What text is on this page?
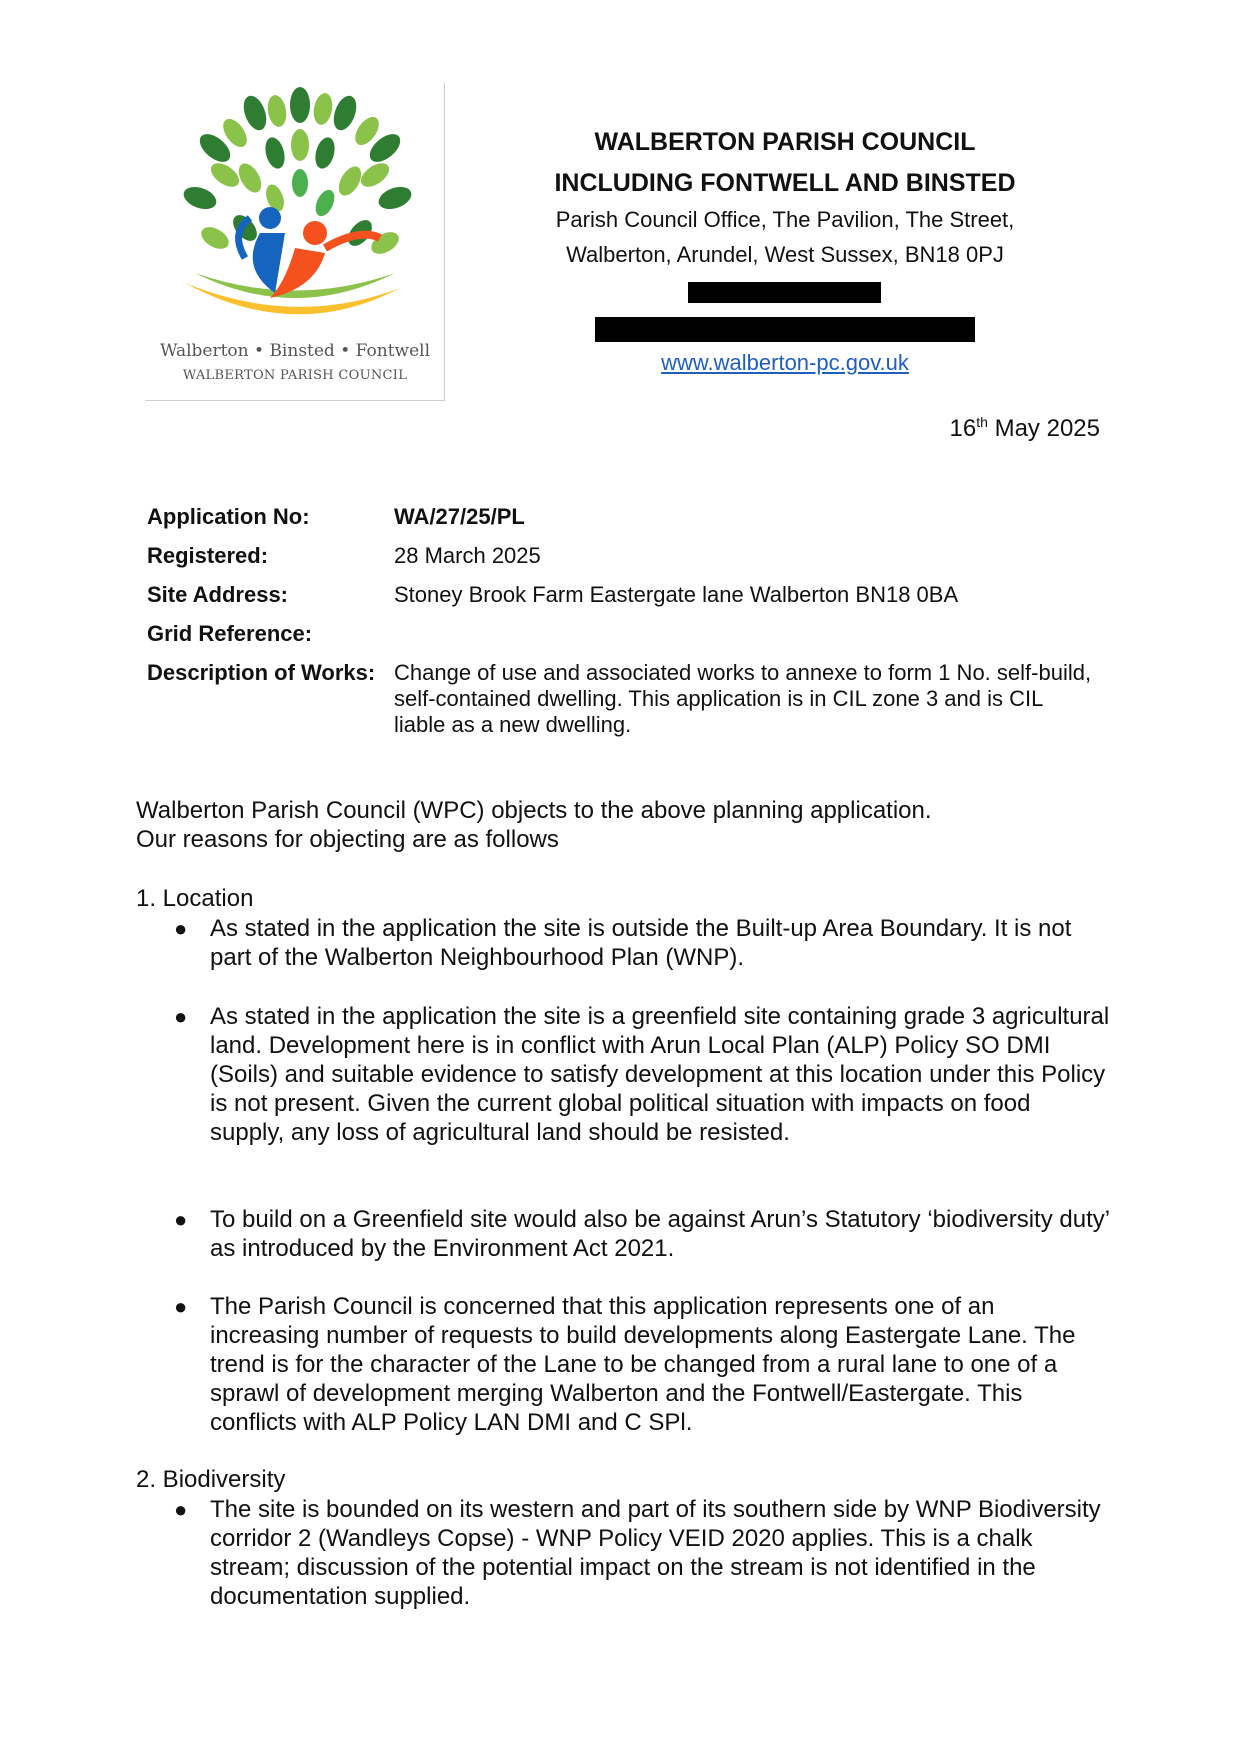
Walberton • Binsted • Fontwell
WALBERTON PARISH COUNCIL
WALBERTON PARISH COUNCIL
INCLUDING FONTWELL AND BINSTED
Parish Council Office, The Pavilion, The Street,
Walberton, Arundel, West Sussex, BN18 0PJ
www.walberton-pc.gov.uk
16th May 2025
Application No:	WA/27/25/PL
Registered:	28 March 2025
Site Address:	Stoney Brook Farm Eastergate lane Walberton BN18 0BA
Grid Reference:
Description of Works: Change of use and associated works to annexe to form 1 No. self-build, self-contained dwelling. This application is in CIL zone 3 and is CIL liable as a new dwelling.
Walberton Parish Council (WPC) objects to the above planning application.
Our reasons for objecting are as follows
1. Location
● As stated in the application the site is outside the Built-up Area Boundary. It is not part of the Walberton Neighbourhood Plan (WNP).
● As stated in the application the site is a greenfield site containing grade 3 agricultural land. Development here is in conflict with Arun Local Plan (ALP) Policy SO DMI (Soils) and suitable evidence to satisfy development at this location under this Policy is not present. Given the current global political situation with impacts on food supply, any loss of agricultural land should be resisted.
● To build on a Greenfield site would also be against Arun’s Statutory ‘biodiversity duty’ as introduced by the Environment Act 2021.
● The Parish Council is concerned that this application represents one of an increasing number of requests to build developments along Eastergate Lane. The trend is for the character of the Lane to be changed from a rural lane to one of a sprawl of development merging Walberton and the Fontwell/Eastergate. This conflicts with ALP Policy LAN DMI and C SPl.
2. Biodiversity
● The site is bounded on its western and part of its southern side by WNP Biodiversity corridor 2 (Wandleys Copse) - WNP Policy VEID 2020 applies. This is a chalk stream; discussion of the potential impact on the stream is not identified in the documentation supplied.
